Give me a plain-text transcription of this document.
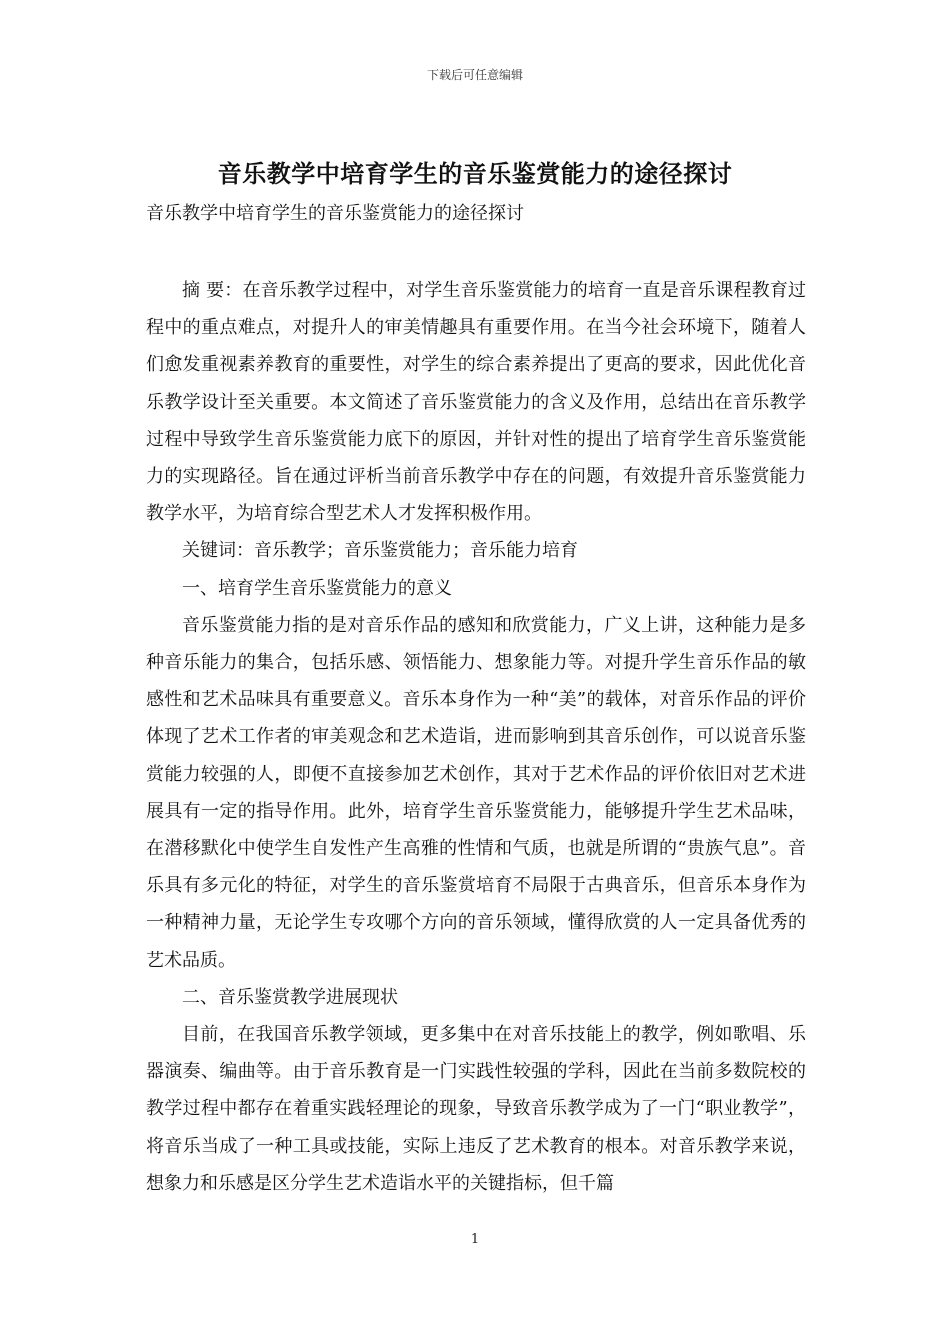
下载后可任意编辑
音乐教学中培育学生的音乐鉴赏能力的途径探讨
音乐教学中培育学生的音乐鉴赏能力的途径探讨

摘 要：在音乐教学过程中，对学生音乐鉴赏能力的培育一直是音乐课程教育过程中的重点难点，对提升人的审美情趣具有重要作用。在当今社会环境下，随着人们愈发重视素养教育的重要性，对学生的综合素养提出了更高的要求，因此优化音乐教学设计至关重要。本文简述了音乐鉴赏能力的含义及作用，总结出在音乐教学过程中导致学生音乐鉴赏能力底下的原因，并针对性的提出了培育学生音乐鉴赏能力的实现路径。旨在通过评析当前音乐教学中存在的问题，有效提升音乐鉴赏能力教学水平，为培育综合型艺术人才发挥积极作用。

关键词：音乐教学；音乐鉴赏能力；音乐能力培育

一、培育学生音乐鉴赏能力的意义

音乐鉴赏能力指的是对音乐作品的感知和欣赏能力，广义上讲，这种能力是多种音乐能力的集合，包括乐感、领悟能力、想象能力等。对提升学生音乐作品的敏感性和艺术品味具有重要意义。音乐本身作为一种“美”的载体，对音乐作品的评价体现了艺术工作者的审美观念和艺术造诣，进而影响到其音乐创作，可以说音乐鉴赏能力较强的人，即便不直接参加艺术创作，其对于艺术作品的评价依旧对艺术进展具有一定的指导作用。此外，培育学生音乐鉴赏能力，能够提升学生艺术品味，在潜移默化中使学生自发性产生高雅的性情和气质，也就是所谓的“贵族气息”。音乐具有多元化的特征，对学生的音乐鉴赏培育不局限于古典音乐，但音乐本身作为一种精神力量，无论学生专攻哪个方向的音乐领域，懂得欣赏的人一定具备优秀的艺术品质。

二、音乐鉴赏教学进展现状

目前，在我国音乐教学领域，更多集中在对音乐技能上的教学，例如歌唱、乐器演奏、编曲等。由于音乐教育是一门实践性较强的学科，因此在当前多数院校的教学过程中都存在着重实践轻理论的现象，导致音乐教学成为了一门“职业教学”，将音乐当成了一种工具或技能，实际上违反了艺术教育的根本。对音乐教学来说，想象力和乐感是区分学生艺术造诣水平的关键指标，但千篇

1
